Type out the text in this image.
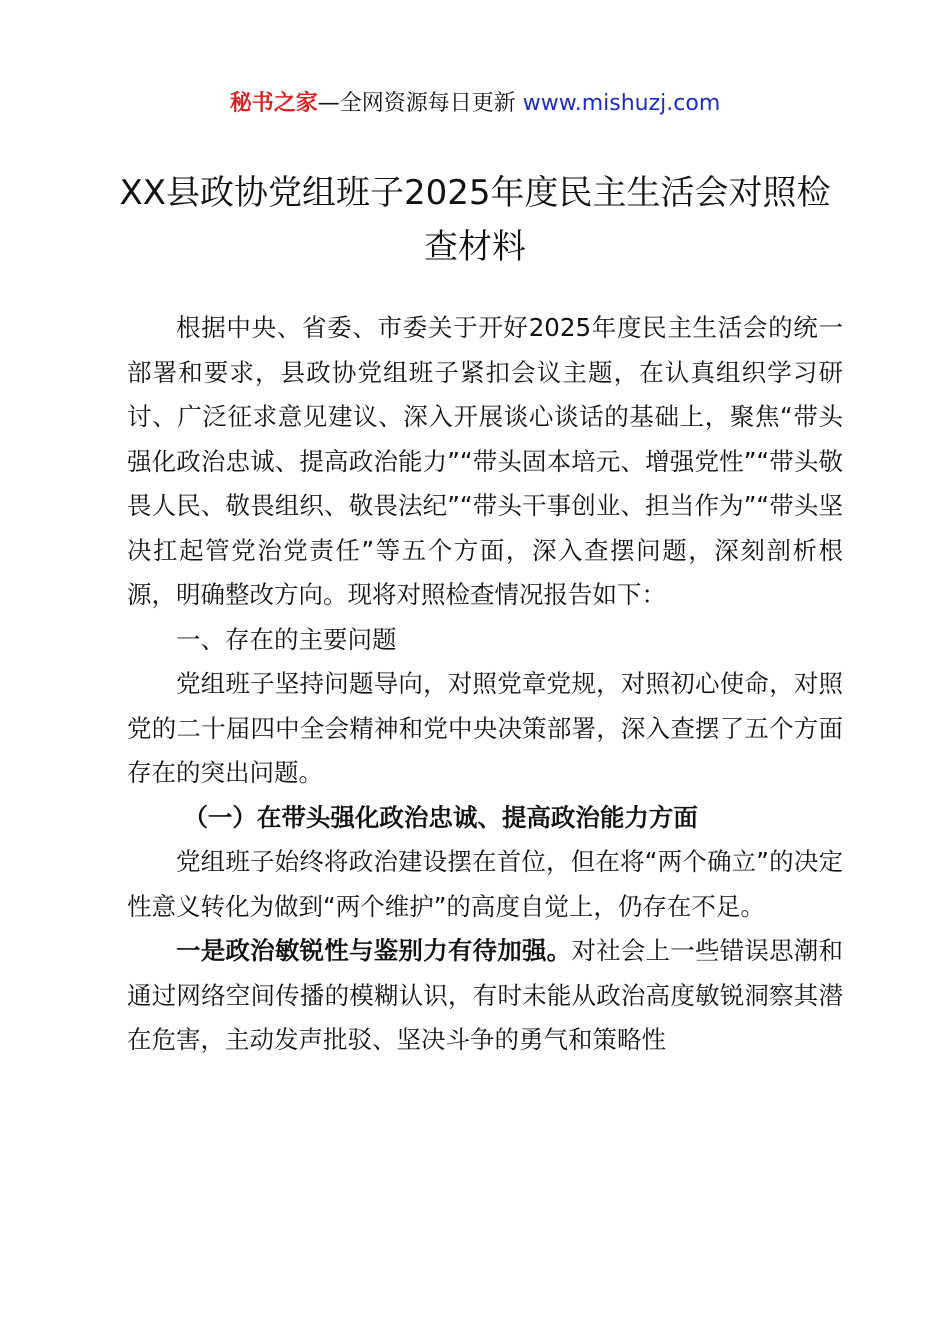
秘书之家—全网资源每日更新 www.mishuzj.com
XX县政协党组班子2025年度民主生活会对照检查材料

根据中央、省委、市委关于开好2025年度民主生活会的统一部署和要求，县政协党组班子紧扣会议主题，在认真组织学习研讨、广泛征求意见建议、深入开展谈心谈话的基础上，聚焦“带头强化政治忠诚、提高政治能力”“带头固本培元、增强党性”“带头敬畏人民、敬畏组织、敬畏法纪”“带头干事创业、担当作为”“带头坚决扛起管党治党责任”等五个方面，深入查摆问题，深刻剖析根源，明确整改方向。现将对照检查情况报告如下：

一、存在的主要问题

党组班子坚持问题导向，对照党章党规，对照初心使命，对照党的二十届四中全会精神和党中央决策部署，深入查摆了五个方面存在的突出问题。

（一）在带头强化政治忠诚、提高政治能力方面

党组班子始终将政治建设摆在首位，但在将“两个确立”的决定性意义转化为做到“两个维护”的高度自觉上，仍存在不足。

一是政治敏锐性与鉴别力有待加强。对社会上一些错误思潮和通过网络空间传播的模糊认识，有时未能从政治高度敏锐洞察其潜在危害，主动发声批驳、坚决斗争的勇气和策略性
